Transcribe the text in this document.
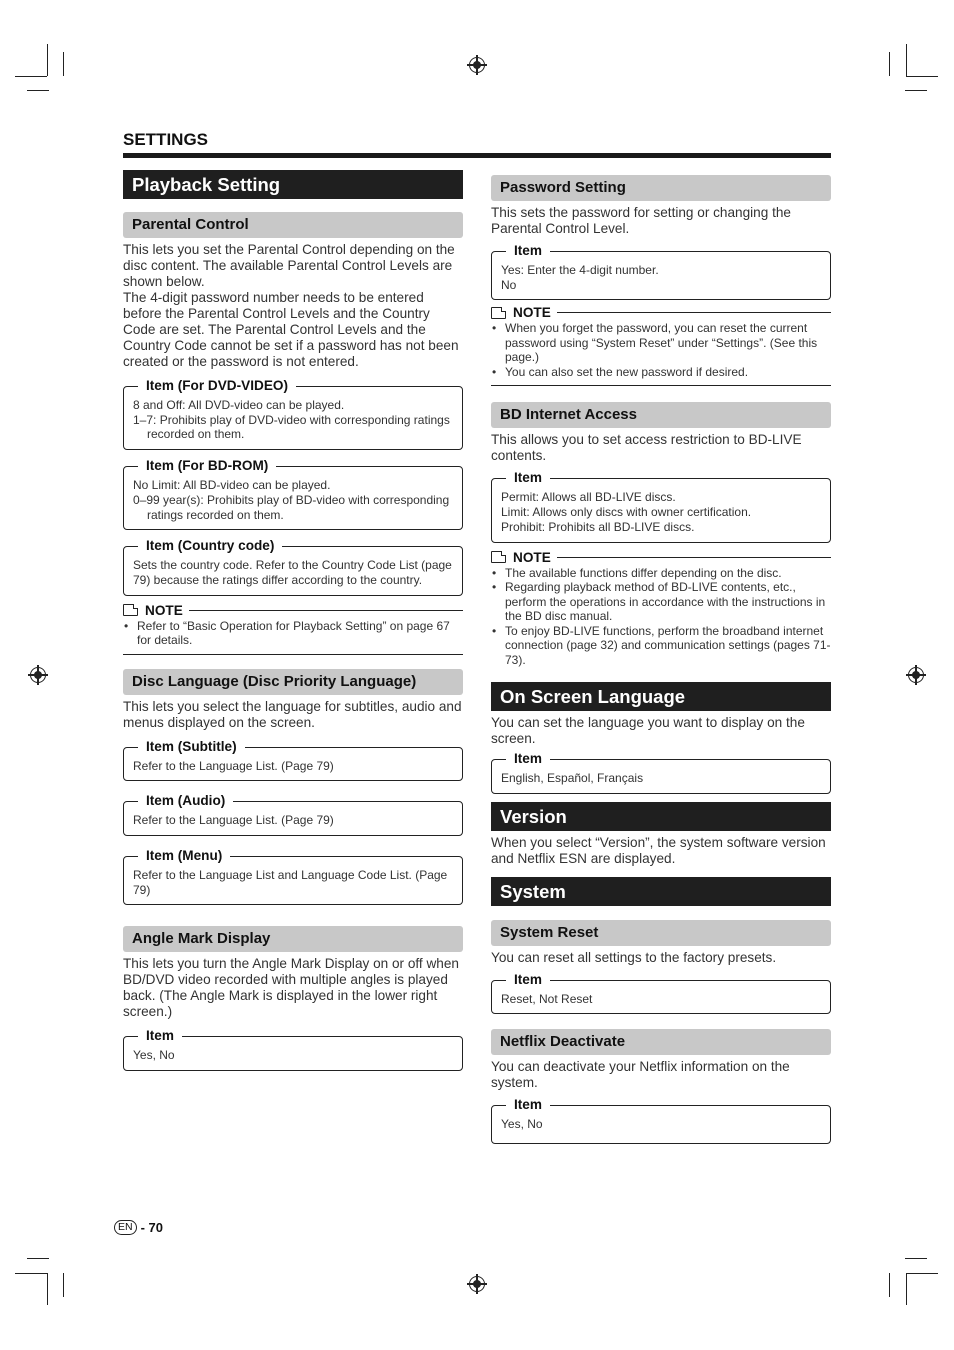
SETTINGS
Playback Setting
Parental Control
This lets you set the Parental Control depending on the disc content. The available Parental Control Levels are shown below.
The 4-digit password number needs to be entered before the Parental Control Levels and the Country Code are set. The Parental Control Levels and the Country Code cannot be set if a password has not been created or the password is not entered.
Item (For DVD-VIDEO)
8 and Off: All DVD-video can be played.
1–7: Prohibits play of DVD-video with corresponding ratings recorded on them.
Item (For BD-ROM)
No Limit: All BD-video can be played.
0–99 year(s): Prohibits play of BD-video with corresponding ratings recorded on them.
Item (Country code)
Sets the country code. Refer to the Country Code List (page 79) because the ratings differ according to the country.
NOTE
• Refer to “Basic Operation for Playback Setting” on page 67 for details.
Disc Language (Disc Priority Language)
This lets you select the language for subtitles, audio and menus displayed on the screen.
Item (Subtitle)
Refer to the Language List. (Page 79)
Item (Audio)
Refer to the Language List. (Page 79)
Item (Menu)
Refer to the Language List and Language Code List. (Page 79)
Angle Mark Display
This lets you turn the Angle Mark Display on or off when BD/DVD video recorded with multiple angles is played back. (The Angle Mark is displayed in the lower right screen.)
Item
Yes, No
Password Setting
This sets the password for setting or changing the Parental Control Level.
Item
Yes: Enter the 4-digit number.
No
NOTE
• When you forget the password, you can reset the current password using “System Reset” under “Settings”. (See this page.)
• You can also set the new password if desired.
BD Internet Access
This allows you to set access restriction to BD-LIVE contents.
Item
Permit: Allows all BD-LIVE discs.
Limit: Allows only discs with owner certification.
Prohibit: Prohibits all BD-LIVE discs.
NOTE
• The available functions differ depending on the disc.
• Regarding playback method of BD-LIVE contents, etc., perform the operations in accordance with the instructions in the BD disc manual.
• To enjoy BD-LIVE functions, perform the broadband internet connection (page 32) and communication settings (pages 71-73).
On Screen Language
You can set the language you want to display on the screen.
Item
English, Español, Français
Version
When you select “Version”, the system software version and Netflix ESN are displayed.
System
System Reset
You can reset all settings to the factory presets.
Item
Reset, Not Reset
Netflix Deactivate
You can deactivate your Netflix information on the system.
Item
Yes, No
EN - 70
